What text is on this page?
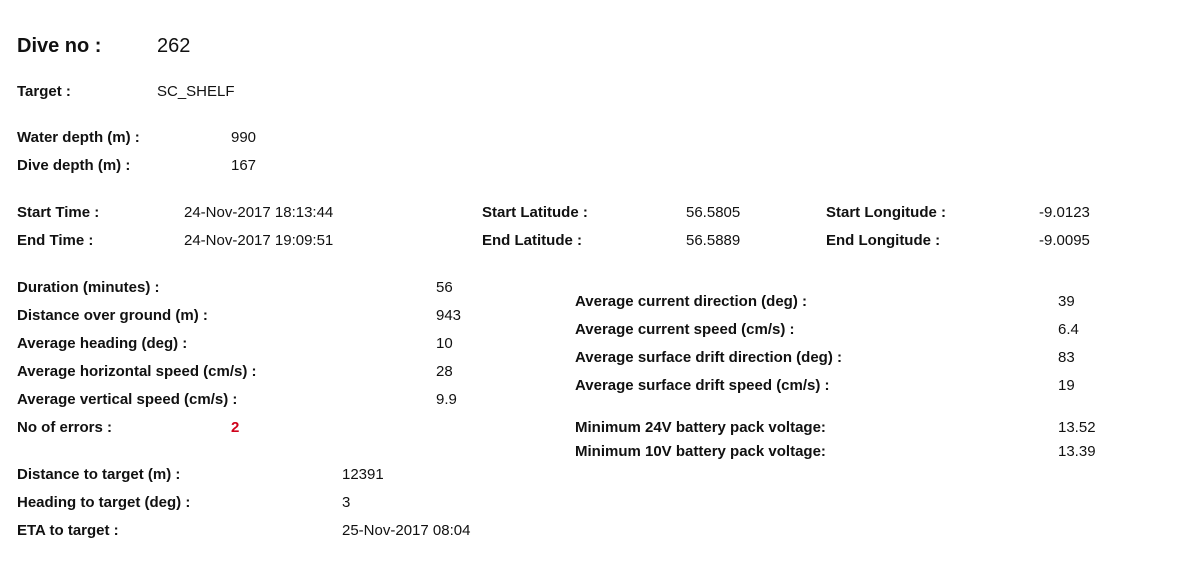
Dive no :	262
Target :	SC_SHELF
Water depth (m) :	990
Dive depth (m) :	167
Start Time :	24-Nov-2017 18:13:44
End Time :	24-Nov-2017 19:09:51
Start Latitude :	56.5805
End Latitude :	56.5889
Start Longitude :	-9.0123
End Longitude :	-9.0095
Duration (minutes) :	56
Distance over ground (m) :	943
Average heading (deg) :	10
Average horizontal speed (cm/s) :	28
Average vertical speed (cm/s) :	9.9
No of errors :	2
Average current direction (deg) :	39
Average current speed (cm/s) :	6.4
Average surface drift direction (deg) :	83
Average surface drift speed (cm/s) :	19
Minimum 24V battery pack voltage:	13.52
Minimum 10V battery pack voltage:	13.39
Distance to target (m) :	12391
Heading to target (deg) :	3
ETA to target :	25-Nov-2017 08:04
